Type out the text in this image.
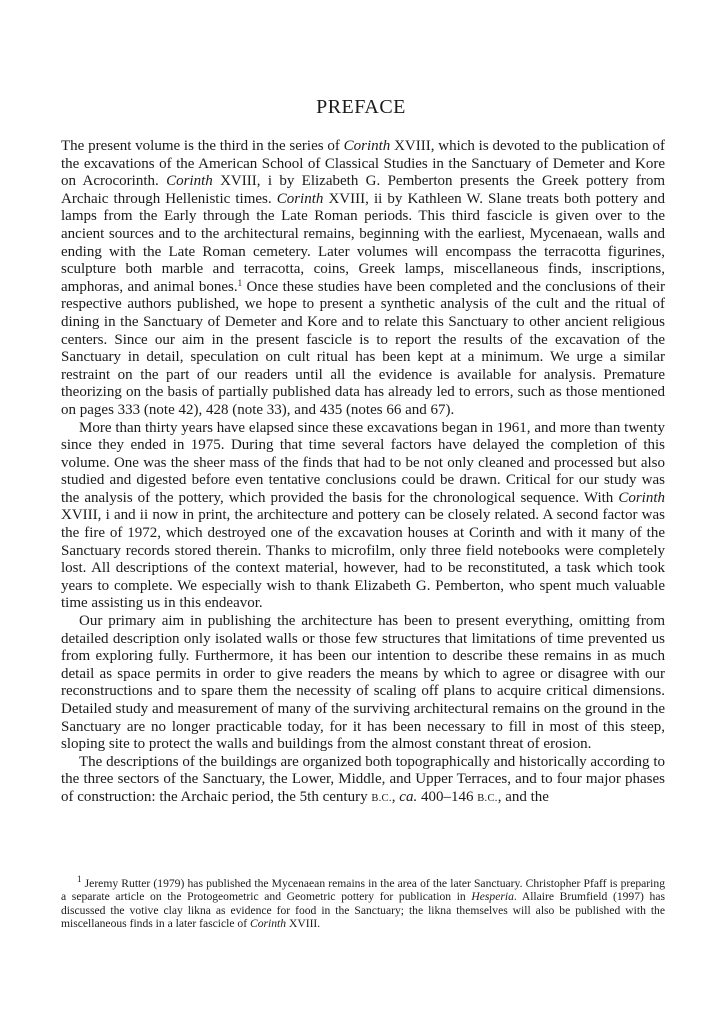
PREFACE

The present volume is the third in the series of Corinth XVIII, which is devoted to the publication of the excavations of the American School of Classical Studies in the Sanctuary of Demeter and Kore on Acrocorinth. Corinth XVIII, i by Elizabeth G. Pemberton presents the Greek pottery from Archaic through Hellenistic times. Corinth XVIII, ii by Kathleen W. Slane treats both pottery and lamps from the Early through the Late Roman periods. This third fascicle is given over to the ancient sources and to the architectural remains, beginning with the earliest, Mycenaean, walls and ending with the Late Roman cemetery. Later volumes will encompass the terracotta figurines, sculpture both marble and terracotta, coins, Greek lamps, miscellaneous finds, inscriptions, amphoras, and animal bones.$^1$ Once these studies have been completed and the conclusions of their respective authors published, we hope to present a synthetic analysis of the cult and the ritual of dining in the Sanctuary of Demeter and Kore and to relate this Sanctuary to other ancient religious centers. Since our aim in the present fascicle is to report the results of the excavation of the Sanctuary in detail, speculation on cult ritual has been kept at a minimum. We urge a similar restraint on the part of our readers until all the evidence is available for analysis. Premature theorizing on the basis of partially published data has already led to errors, such as those mentioned on pages 333 (note 42), 428 (note 33), and 435 (notes 66 and 67).

More than thirty years have elapsed since these excavations began in 1961, and more than twenty since they ended in 1975. During that time several factors have delayed the completion of this volume. One was the sheer mass of the finds that had to be not only cleaned and processed but also studied and digested before even tentative conclusions could be drawn. Critical for our study was the analysis of the pottery, which provided the basis for the chronological sequence. With Corinth XVIII, i and ii now in print, the architecture and pottery can be closely related. A second factor was the fire of 1972, which destroyed one of the excavation houses at Corinth and with it many of the Sanctuary records stored therein. Thanks to microfilm, only three field notebooks were completely lost. All descriptions of the context material, however, had to be reconstituted, a task which took years to complete. We especially wish to thank Elizabeth G. Pemberton, who spent much valuable time assisting us in this endeavor.

Our primary aim in publishing the architecture has been to present everything, omitting from detailed description only isolated walls or those few structures that limitations of time prevented us from exploring fully. Furthermore, it has been our intention to describe these remains in as much detail as space permits in order to give readers the means by which to agree or disagree with our reconstructions and to spare them the necessity of scaling off plans to acquire critical dimensions. Detailed study and measurement of many of the surviving architectural remains on the ground in the Sanctuary are no longer practicable today, for it has been necessary to fill in most of this steep, sloping site to protect the walls and buildings from the almost constant threat of erosion.

The descriptions of the buildings are organized both topographically and historically according to the three sectors of the Sanctuary, the Lower, Middle, and Upper Terraces, and to four major phases of construction: the Archaic period, the 5th century B.C., ca. 400–146 B.C., and the

$^1$ Jeremy Rutter (1979) has published the Mycenaean remains in the area of the later Sanctuary. Christopher Pfaff is preparing a separate article on the Protogeometric and Geometric pottery for publication in Hesperia. Allaire Brumfield (1997) has discussed the votive clay likna as evidence for food in the Sanctuary; the likna themselves will also be published with the miscellaneous finds in a later fascicle of Corinth XVIII.
